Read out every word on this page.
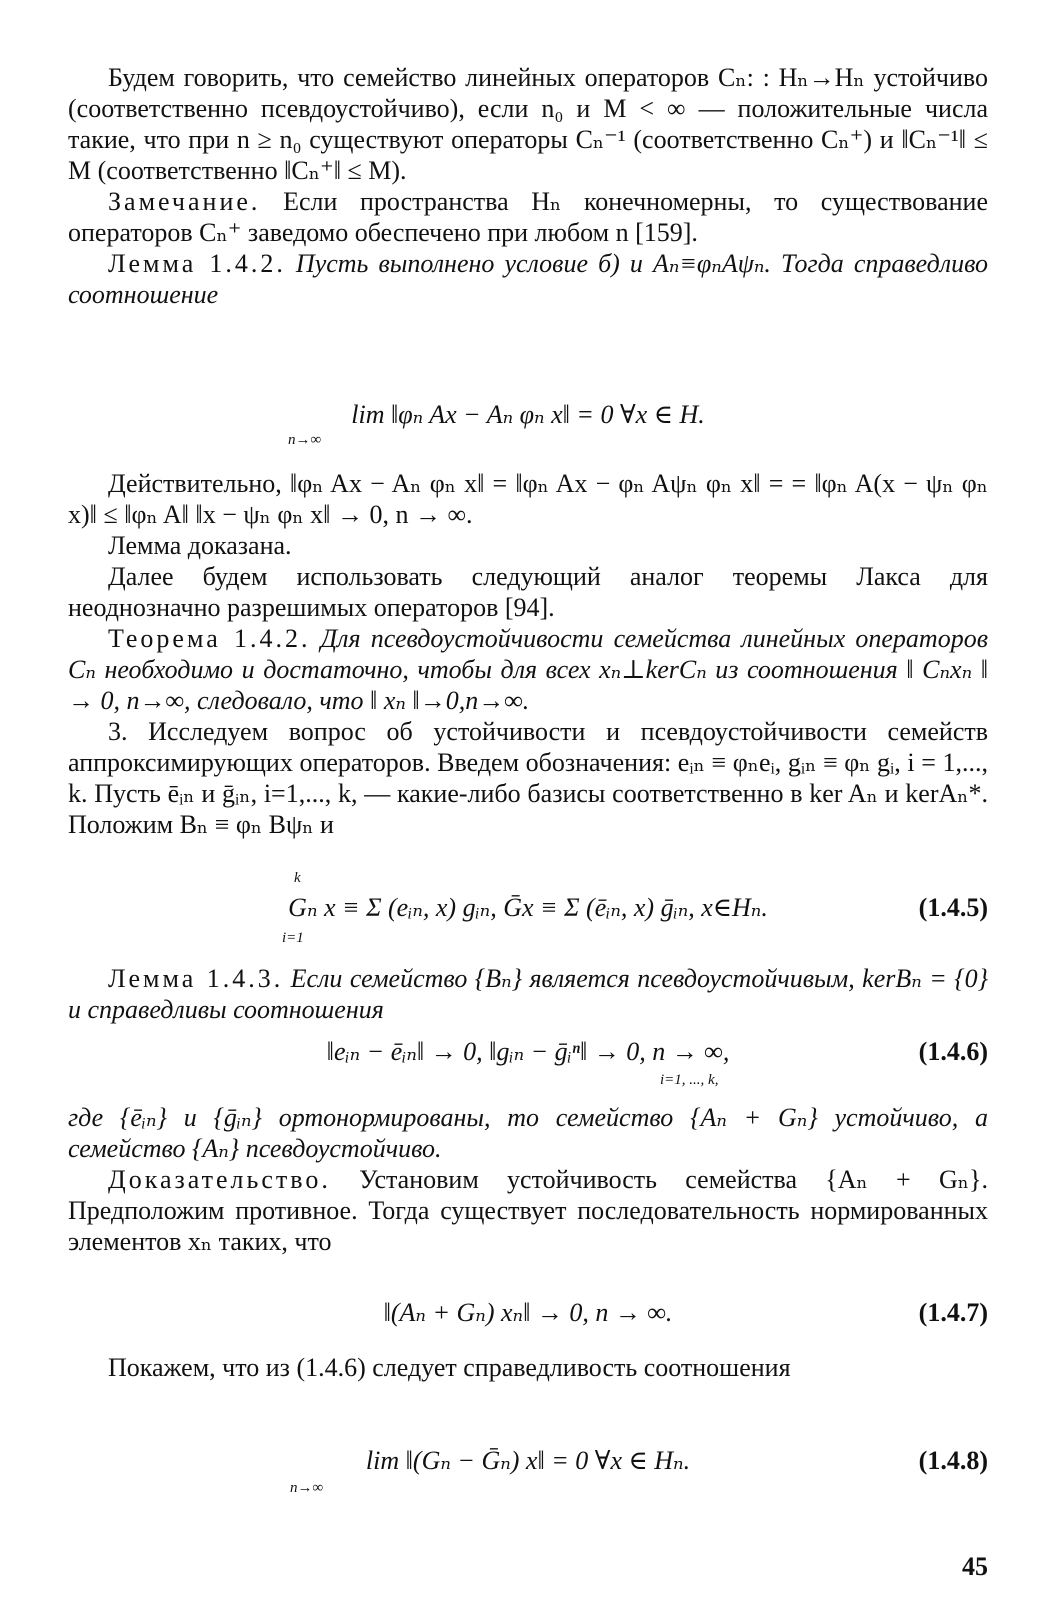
Будем говорить, что семейство линейных операторов Cₙ: : Hₙ→Hₙ устойчиво (соответственно псевдоустойчиво), если n₀ и M < ∞ — положительные числа такие, что при n ≥ n₀ существуют операторы Cₙ⁻¹ (соответственно Cₙ⁺) и ‖Cₙ⁻¹‖ ≤ M (соответственно ‖Cₙ⁺‖ ≤ M).

Замечание. Если пространства Hₙ конечномерны, то существование операторов Cₙ⁺ заведомо обеспечено при любом n [159].

Лемма 1.4.2. Пусть выполнено условие б) и Aₙ≡φₙAψₙ. Тогда справедливо соотношение

lim ‖φₙ Ax − Aₙ φₙ x‖ = 0 ∀x ∈ H.
n→∞

Действительно, ‖φₙ Ax − Aₙ φₙ x‖ = ‖φₙ Ax − φₙ Aψₙ φₙ x‖ = = ‖φₙ A(x − ψₙ φₙ x)‖ ≤ ‖φₙ A‖ ‖x − ψₙ φₙ x‖ → 0, n → ∞.

Лемма доказана.

Далее будем использовать следующий аналог теоремы Лакса для неоднозначно разрешимых операторов [94].

Теорема 1.4.2. Для псевдоустойчивости семейства линейных операторов Cₙ необходимо и достаточно, чтобы для всех xₙ⊥kerCₙ из соотношения ‖ Cₙxₙ ‖ → 0, n→∞, следовало, что ‖ xₙ ‖→0,n→∞.

3. Исследуем вопрос об устойчивости и псевдоустойчивости семейств аппроксимирующих операторов. Введем обозначения: eᵢₙ ≡ φₙeᵢ, gᵢₙ ≡ φₙ gᵢ, i = 1,..., k. Пусть ēᵢₙ и ḡᵢₙ, i=1,..., k, — какие-либо базисы соответственно в ker Aₙ и kerAₙ*. Положим Bₙ ≡ φₙ Bψₙ и

Gₙ x ≡ Σ (eᵢₙ, x) gᵢₙ, Ḡx ≡ Σ (ēᵢₙ, x) ḡᵢₙ, x∈Hₙ.
k
i=1
(1.4.5)

Лемма 1.4.3. Если семейство {Bₙ} является псевдоустойчивым, kerBₙ = {0} и справедливы соотношения

‖eᵢₙ − ēᵢₙ‖ → 0, ‖gᵢₙ − ḡᵢⁿ‖ → 0, n → ∞,
i=1, ..., k,
(1.4.6)

где {ēᵢₙ} и {ḡᵢₙ} ортонормированы, то семейство {Aₙ + Gₙ} устойчиво, а семейство {Aₙ} псевдоустойчиво.

Доказательство. Установим устойчивость семейства {Aₙ + Gₙ}. Предположим противное. Тогда существует последовательность нормированных элементов xₙ таких, что

‖(Aₙ + Gₙ) xₙ‖ → 0, n → ∞.	(1.4.7)

Покажем, что из (1.4.6) следует справедливость соотношения

lim ‖(Gₙ − Ḡₙ) x‖ = 0 ∀x ∈ Hₙ.
n→∞
(1.4.8)
45
